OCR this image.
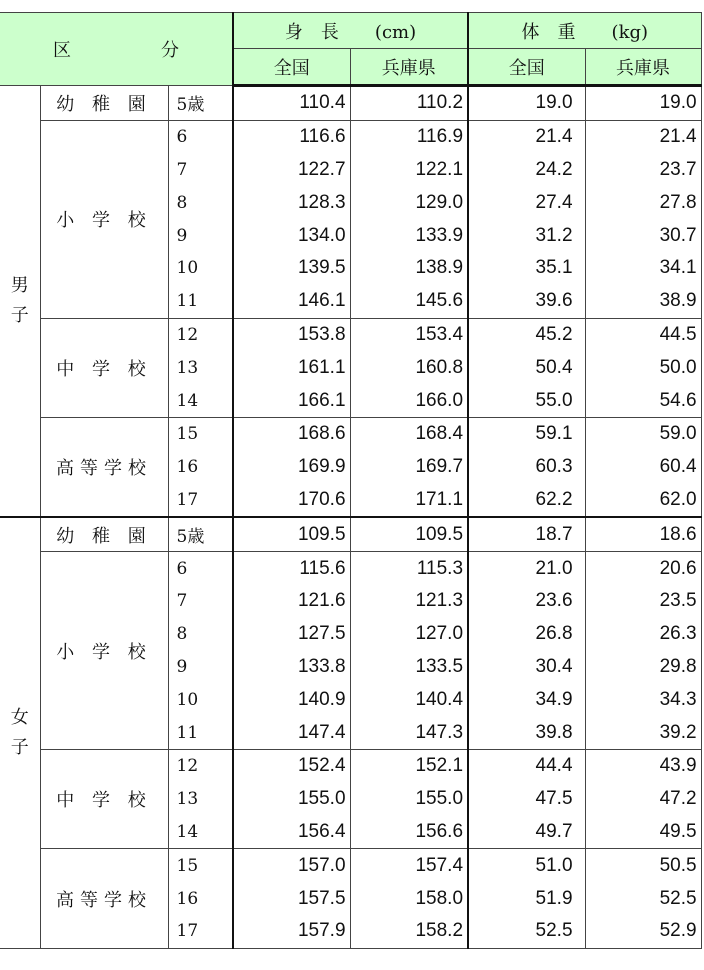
区　　　　　分			身　長　　(cm)		体　重　　(kg)	
			全国	兵庫県	全国	兵庫県
男
子	幼 稚 園	5歳	110.4	110.2	19.0	19.0
	小 学 校	6	116.6	116.9	21.4	21.4
		7	122.7	122.1	24.2	23.7
		8	128.3	129.0	27.4	27.8
		9	134.0	133.9	31.2	30.7
		10	139.5	138.9	35.1	34.1
		11	146.1	145.6	39.6	38.9
	中 学 校	12	153.8	153.4	45.2	44.5
		13	161.1	160.8	50.4	50.0
		14	166.1	166.0	55.0	54.6
	高等学校	15	168.6	168.4	59.1	59.0
		16	169.9	169.7	60.3	60.4
		17	170.6	171.1	62.2	62.0
女
子	幼 稚 園	5歳	109.5	109.5	18.7	18.6
	小 学 校	6	115.6	115.3	21.0	20.6
		7	121.6	121.3	23.6	23.5
		8	127.5	127.0	26.8	26.3
		9	133.8	133.5	30.4	29.8
		10	140.9	140.4	34.9	34.3
		11	147.4	147.3	39.8	39.2
	中 学 校	12	152.4	152.1	44.4	43.9
		13	155.0	155.0	47.5	47.2
		14	156.4	156.6	49.7	49.5
	高等学校	15	157.0	157.4	51.0	50.5
		16	157.5	158.0	51.9	52.5
		17	157.9	158.2	52.5	52.9
